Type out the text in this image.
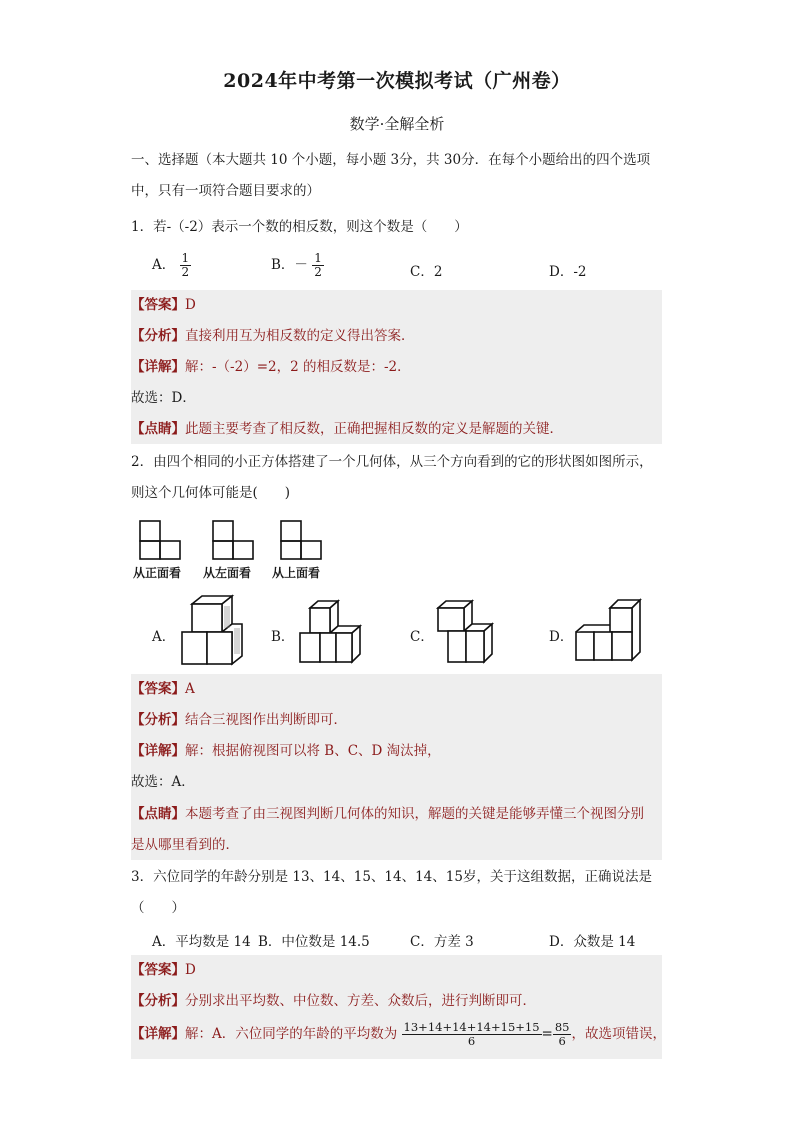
2024年中考第一次模拟考试（广州卷）
数学·全解全析
一、选择题（本大题共 10 个小题，每小题 3分，共 30分．在每个小题给出的四个选项
中，只有一项符合题目要求的）
1．若-（-2）表示一个数的相反数，则这个数是（　　）
A． $\frac{1}{2}$	B．－ $\frac{1}{2}$	C．2	D．-2
【答案】D
【分析】直接利用互为相反数的定义得出答案．
【详解】解：-（-2）=2，2 的相反数是：-2．
故选：D．
【点睛】此题主要考查了相反数，正确把握相反数的定义是解题的关键．
2．由四个相同的小正方体搭建了一个几何体，从三个方向看到的它的形状图如图所示，
则这个几何体可能是(　　)
从正面看 从左面看 从上面看
A．	B．	C．	D．
【答案】A
【分析】结合三视图作出判断即可．
【详解】解：根据俯视图可以将 B、C、D 淘汰掉，
故选：A．
【点睛】本题考查了由三视图判断几何体的知识，解题的关键是能够弄懂三个视图分别
是从哪里看到的．
3．六位同学的年龄分别是 13、14、15、14、14、15岁，关于这组数据，正确说法是
（　　）
A．平均数是 14 B．中位数是 14.5	C．方差 3	D．众数是 14
【答案】D
【分析】分别求出平均数、中位数、方差、众数后，进行判断即可．
【详解】解：A．六位同学的年龄的平均数为 $\frac{13+14+14+14+15+15}{6} = \frac{85}{6}$ ，故选项错误，
